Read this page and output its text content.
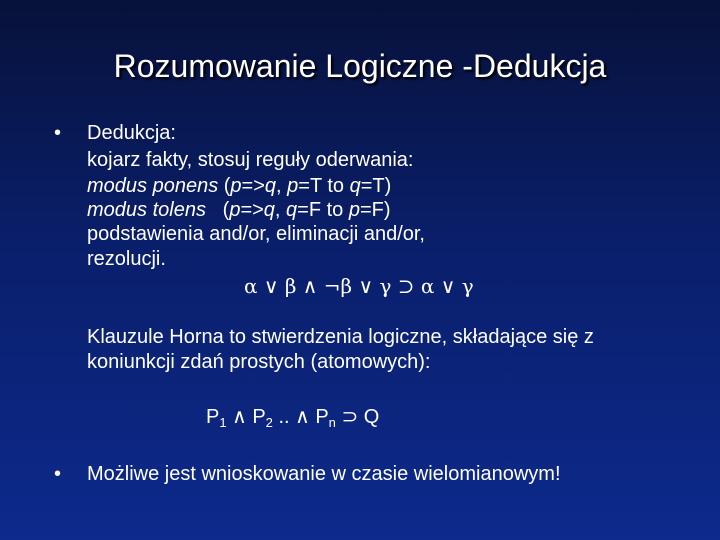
Rozumowanie Logiczne -Dedukcja
• Dedukcja:
kojarz fakty, stosuj reguły oderwania:
modus ponens (p=>q, p=T to q=T)
modus tolens   (p=>q, q=F to p=F)
podstawienia and/or, eliminacji and/or,
rezolucji.
α ∨ β ∧ ¬β ∨ γ ⊃ α ∨ γ
Klauzule Horna to stwierdzenia logiczne, składające się z
koniunkcji zdań prostych (atomowych):
$P_1$ ∧ $P_2$ .. ∧ $P_n$ ⊃ Q
• Możliwe jest wnioskowanie w czasie wielomianowym!
